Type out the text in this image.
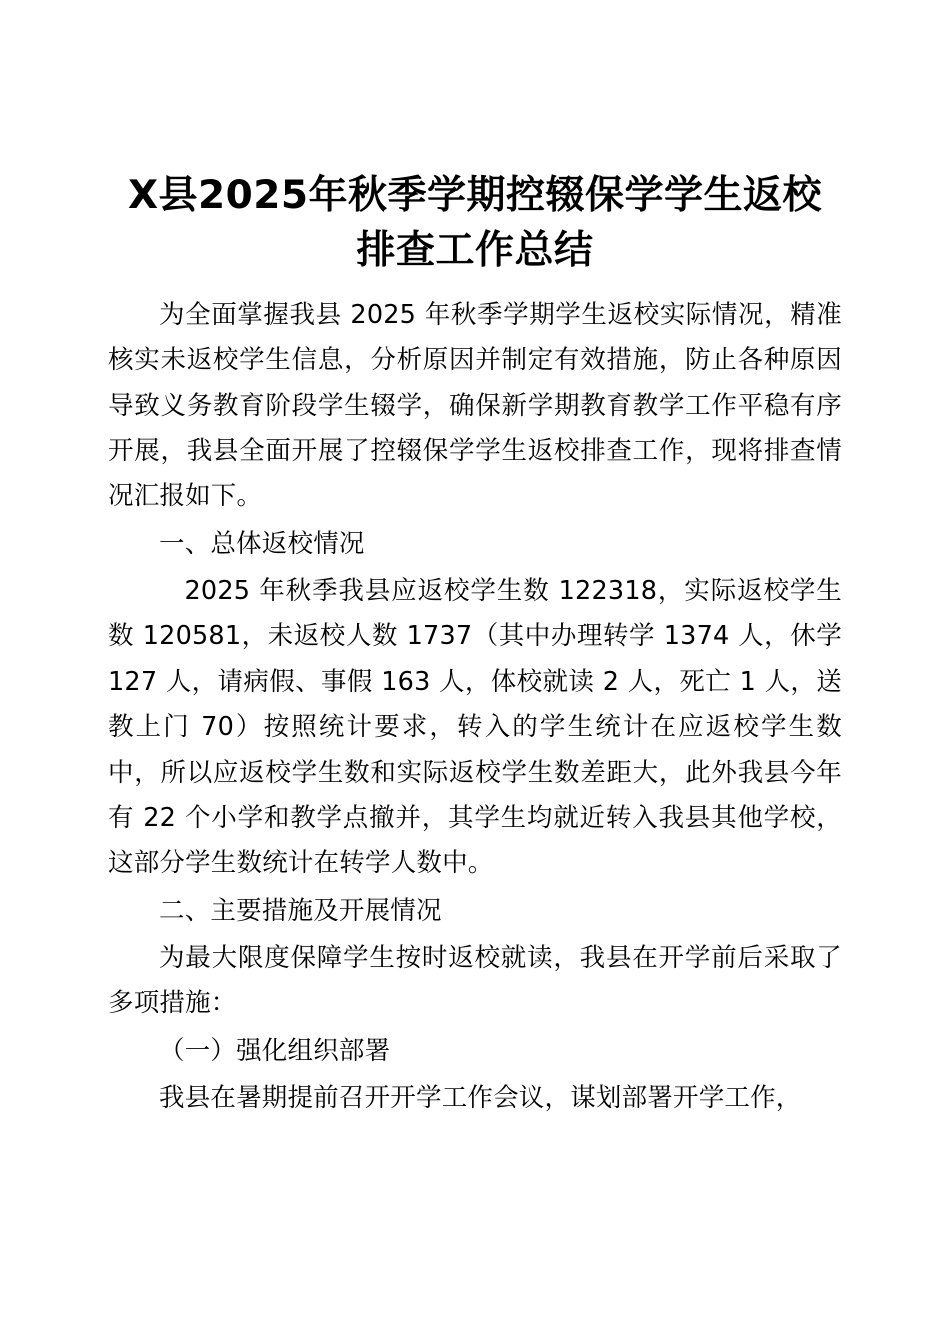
X县2025年秋季学期控辍保学学生返校排查工作总结

为全面掌握我县 2025 年秋季学期学生返校实际情况，精准核实未返校学生信息，分析原因并制定有效措施，防止各种原因导致义务教育阶段学生辍学，确保新学期教育教学工作平稳有序开展，我县全面开展了控辍保学学生返校排查工作，现将排查情况汇报如下。

一、总体返校情况

2025 年秋季我县应返校学生数 122318，实际返校学生数 120581，未返校人数 1737（其中办理转学 1374 人，休学 127 人，请病假、事假 163 人，体校就读 2 人，死亡 1 人，送教上门 70）按照统计要求，转入的学生统计在应返校学生数中，所以应返校学生数和实际返校学生数差距大，此外我县今年有 22 个小学和教学点撤并，其学生均就近转入我县其他学校，这部分学生数统计在转学人数中。

二、主要措施及开展情况

为最大限度保障学生按时返校就读，我县在开学前后采取了多项措施：

（一）强化组织部署

我县在暑期提前召开开学工作会议，谋划部署开学工作，
